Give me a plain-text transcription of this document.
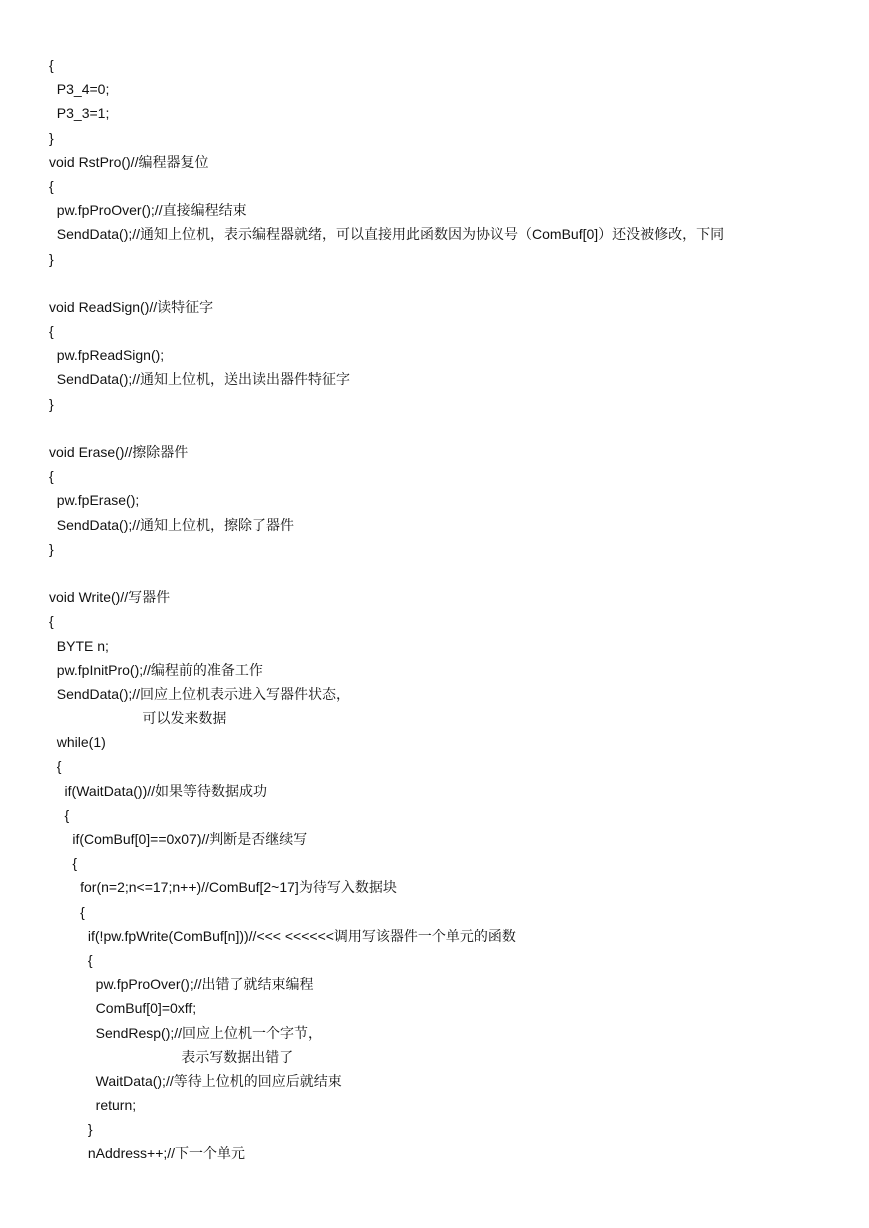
{
P3_4=0;
P3_3=1;
}
void RstPro()//编程器复位
{
pw.fpProOver();//直接编程结束
SendData();//通知上位机，表示编程器就绪，可以直接用此函数因为协议号（ComBuf[0]）还没被修改，下同
}
void ReadSign()//读特征字
{
pw.fpReadSign();
SendData();//通知上位机，送出读出器件特征字
}
void Erase()//擦除器件
{
pw.fpErase();
SendData();//通知上位机，擦除了器件
}
void Write()//写器件
{
BYTE n;
pw.fpInitPro();//编程前的准备工作
SendData();//回应上位机表示进入写器件状态，
可以发来数据
while(1)
{
if(WaitData())//如果等待数据成功
{
if(ComBuf[0]==0x07)//判断是否继续写
{
for(n=2;n<=17;n++)//ComBuf[2~17]为待写入数据块
{
if(!pw.fpWrite(ComBuf[n]))//<<< <<<<<<调用写该器件一个单元的函数
{
pw.fpProOver();//出错了就结束编程
ComBuf[0]=0xff;
SendResp();//回应上位机一个字节，
表示写数据出错了
WaitData();//等待上位机的回应后就结束
return;
}
nAddress++;//下一个单元
